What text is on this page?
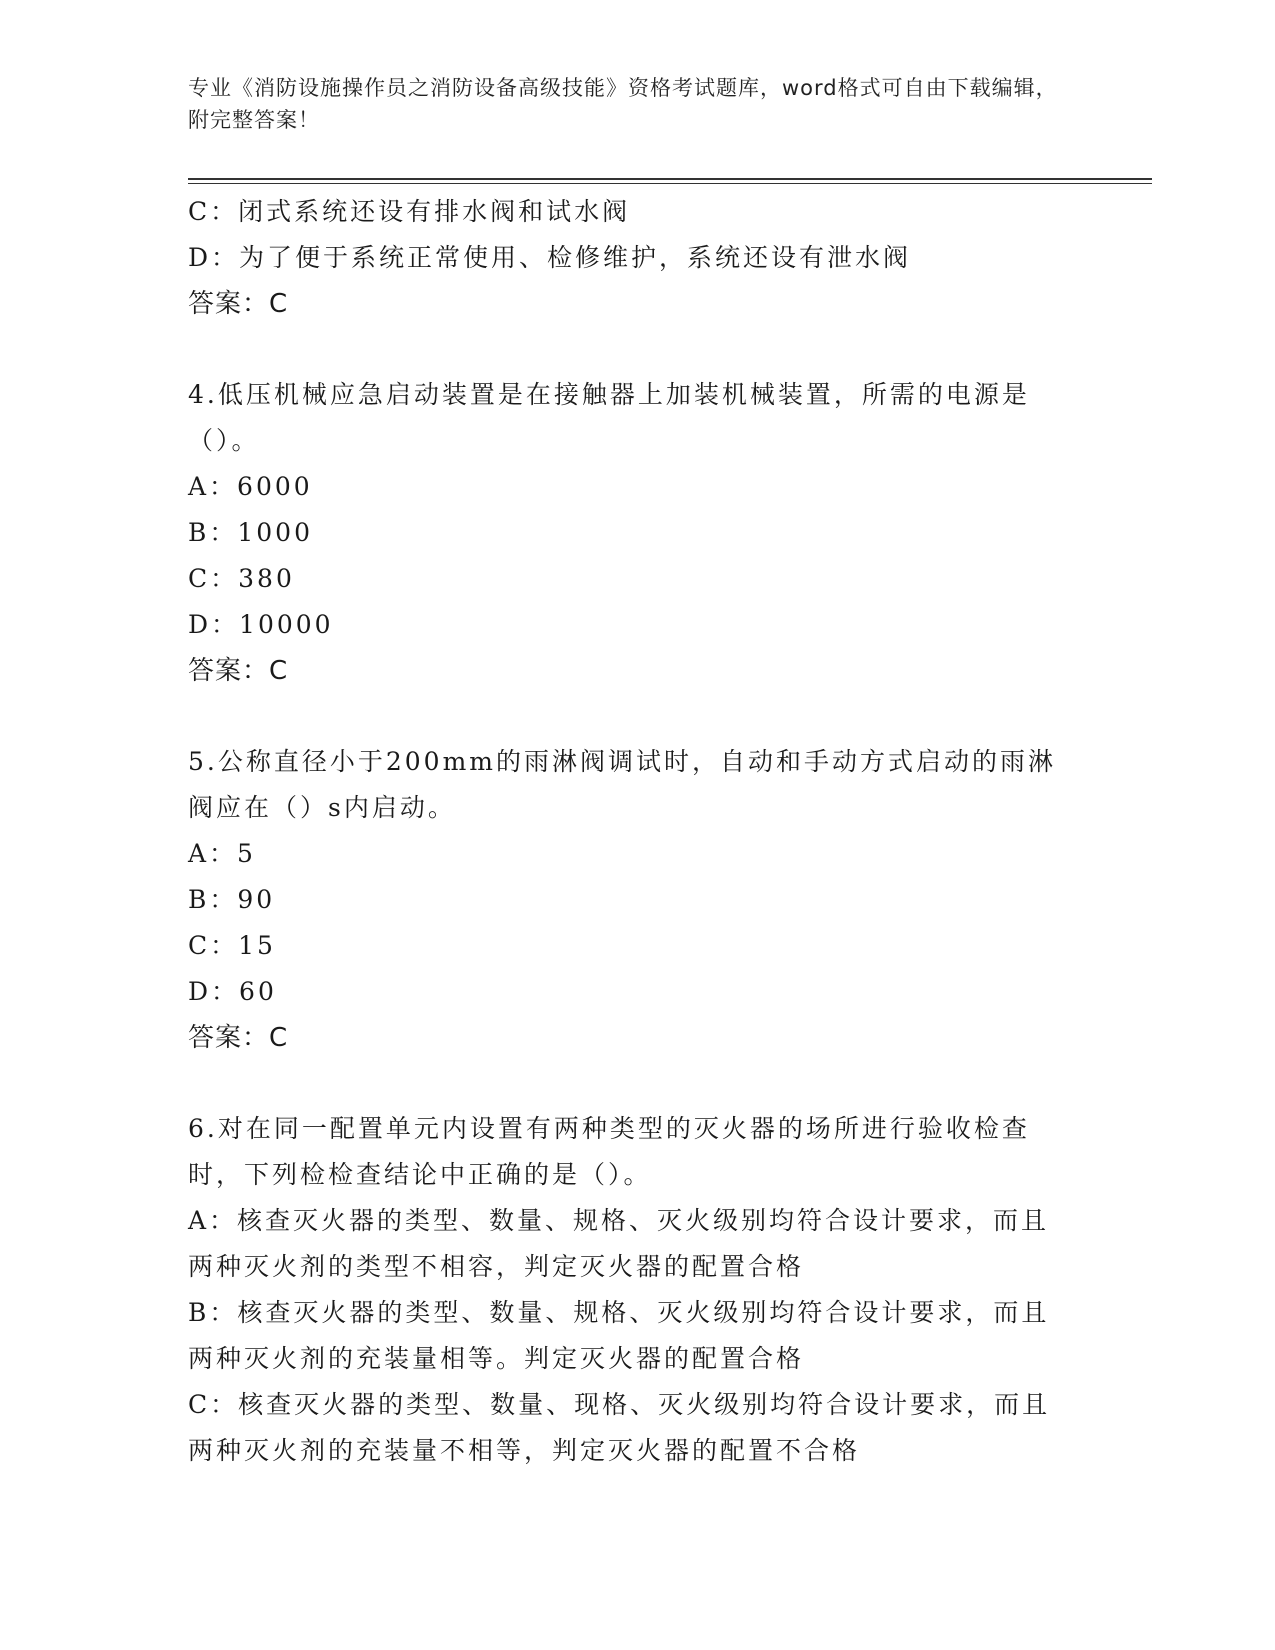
专业《消防设施操作员之消防设备高级技能》资格考试题库，word格式可自由下载编辑，附完整答案！
C：闭式系统还设有排水阀和试水阀
D：为了便于系统正常使用、检修维护，系统还设有泄水阀
答案：C
4.低压机械应急启动装置是在接触器上加装机械装置，所需的电源是（）。
A：6000
B：1000
C：380
D：10000
答案：C
5.公称直径小于200mm的雨淋阀调试时，自动和手动方式启动的雨淋阀应在（）s内启动。
A：5
B：90
C：15
D：60
答案：C
6.对在同一配置单元内设置有两种类型的灭火器的场所进行验收检查时，下列检检查结论中正确的是（）。
A：核查灭火器的类型、数量、规格、灭火级别均符合设计要求，而且两种灭火剂的类型不相容，判定灭火器的配置合格
B：核查灭火器的类型、数量、规格、灭火级别均符合设计要求，而且两种灭火剂的充装量相等。判定灭火器的配置合格
C：核查灭火器的类型、数量、现格、灭火级别均符合设计要求，而且两种灭火剂的充装量不相等，判定灭火器的配置不合格
